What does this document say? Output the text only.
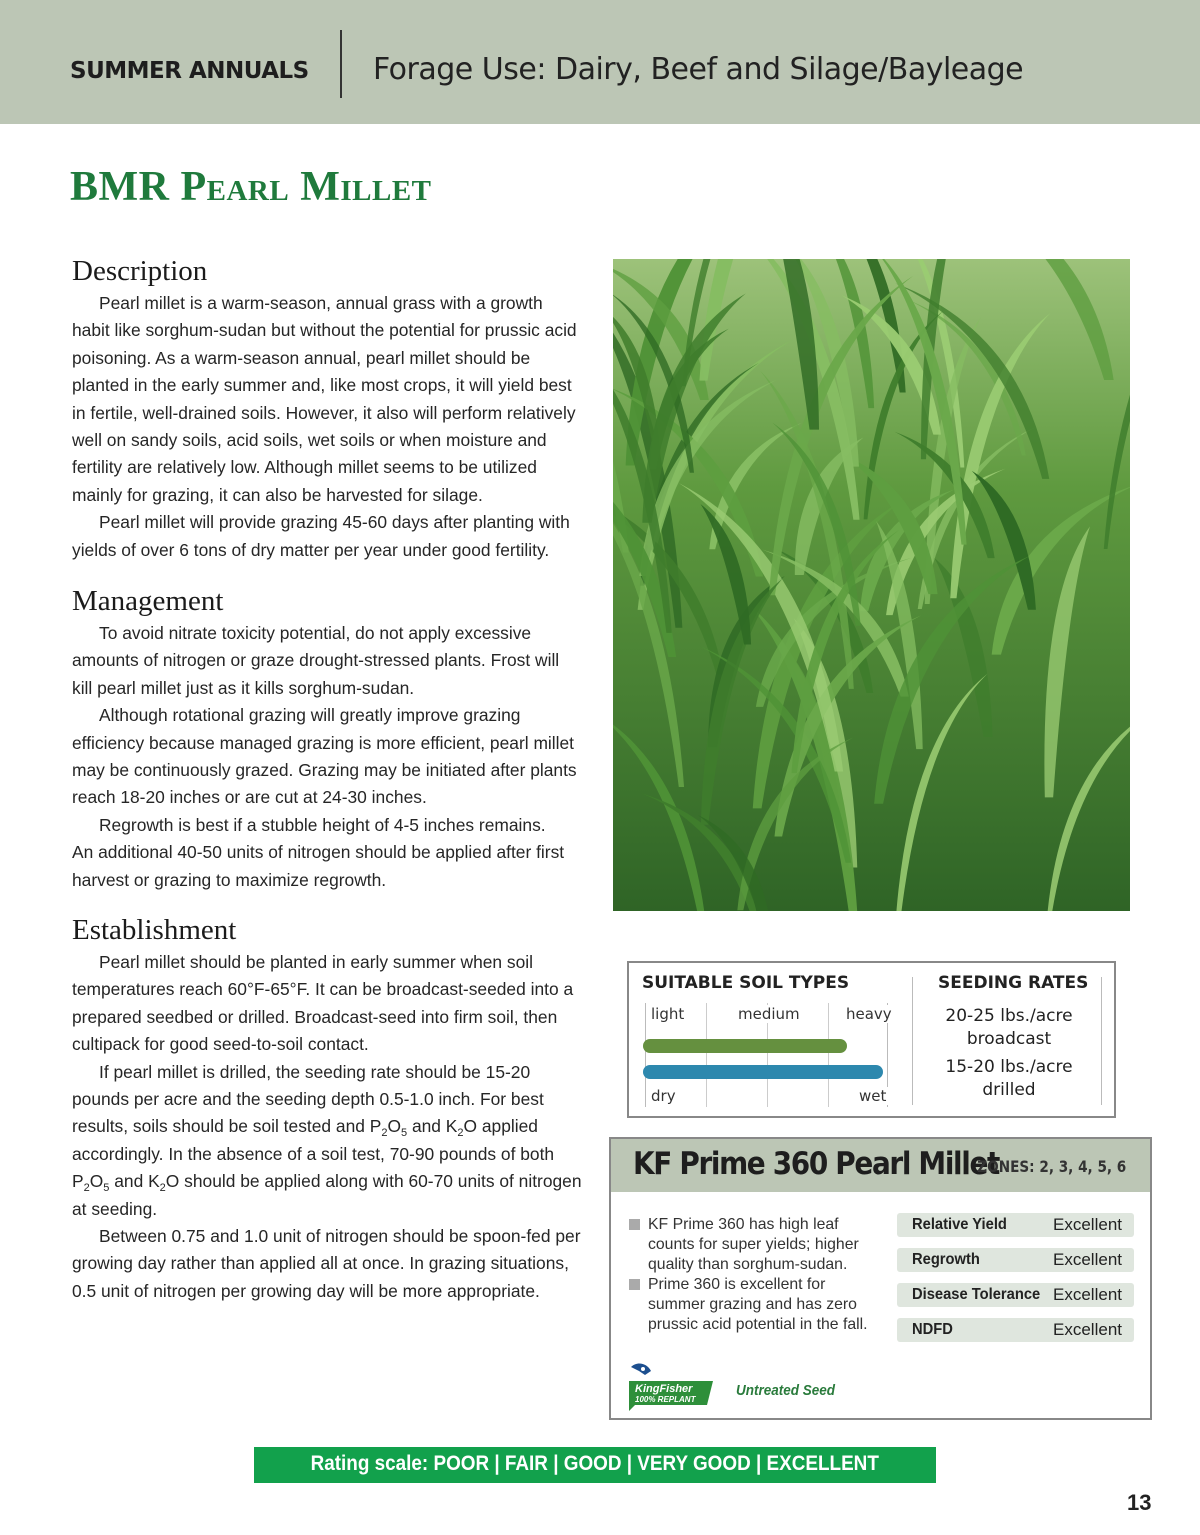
SUMMER ANNUALS Forage Use: Dairy, Beef and Silage/Bayleage
BMR Pearl Millet
Description
Pearl millet is a warm-season, annual grass with a growth habit like sorghum-sudan but without the potential for prussic acid poisoning. As a warm-season annual, pearl millet should be planted in the early summer and, like most crops, it will yield best in fertile, well-drained soils. However, it also will perform relatively well on sandy soils, acid soils, wet soils or when moisture and fertility are relatively low. Although millet seems to be utilized mainly for grazing, it can also be harvested for silage.
Pearl millet will provide grazing 45-60 days after planting with yields of over 6 tons of dry matter per year under good fertility.
Management
To avoid nitrate toxicity potential, do not apply excessive amounts of nitrogen or graze drought-stressed plants. Frost will kill pearl millet just as it kills sorghum-sudan.
Although rotational grazing will greatly improve grazing efficiency because managed grazing is more efficient, pearl millet may be continuously grazed. Grazing may be initiated after plants reach 18-20 inches or are cut at 24-30 inches.
Regrowth is best if a stubble height of 4-5 inches remains.
An additional 40-50 units of nitrogen should be applied after first harvest or grazing to maximize regrowth.
Establishment
Pearl millet should be planted in early summer when soil temperatures reach 60°F-65°F. It can be broadcast-seeded into a prepared seedbed or drilled. Broadcast-seed into firm soil, then cultipack for good seed-to-soil contact.
If pearl millet is drilled, the seeding rate should be 15-20 pounds per acre and the seeding depth 0.5-1.0 inch. For best results, soils should be soil tested and $P_2O_5$ and $K_2O$ applied accordingly. In the absence of a soil test, 70-90 pounds of both $P_2O_5$ and $K_2O$ should be applied along with 60-70 units of nitrogen at seeding.
Between 0.75 and 1.0 unit of nitrogen should be spoon-fed per growing day rather than applied all at once. In grazing situations, 0.5 unit of nitrogen per growing day will be more appropriate.
SUITABLE SOIL TYPES	SEEDING RATES
light	medium	heavy
dry	wet
20-25 lbs./acre
broadcast
15-20 lbs./acre
drilled
KF Prime 360 Pearl Millet
ZONES: 2, 3, 4, 5, 6
KF Prime 360 has high leaf counts for super yields; higher quality than sorghum-sudan.
Prime 360 is excellent for summer grazing and has zero prussic acid potential in the fall.
Relative Yield	Excellent
Regrowth	Excellent
Disease Tolerance Excellent
NDFD	Excellent
KingFisher
100% REPLANT
Untreated Seed
Rating scale: POOR | FAIR | GOOD | VERY GOOD | EXCELLENT
13
